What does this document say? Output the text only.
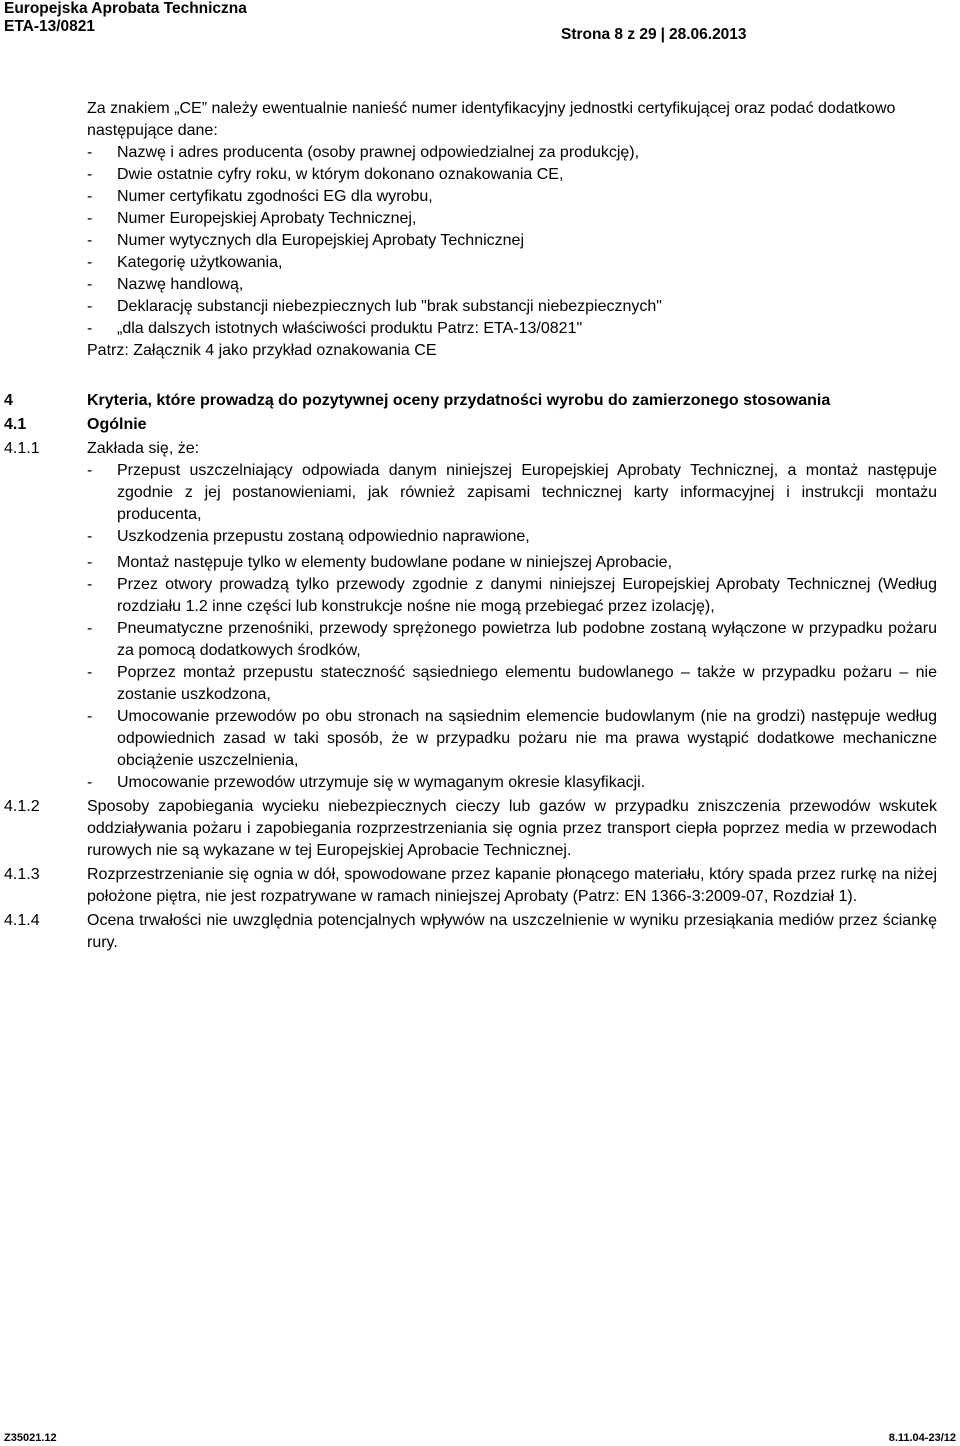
Europejska Aprobata Techniczna
ETA-13/0821	Strona 8 z 29 | 28.06.2013
Za znakiem „CE” należy ewentualnie nanieść numer identyfikacyjny jednostki certyfikującej oraz podać dodatkowo następujące dane:
-	Nazwę i adres producenta (osoby prawnej odpowiedzialnej za produkcję),
-	Dwie ostatnie cyfry roku, w którym dokonano oznakowania CE,
-	Numer certyfikatu zgodności EG dla wyrobu,
-	Numer Europejskiej Aprobaty Technicznej,
-	Numer wytycznych dla Europejskiej Aprobaty Technicznej
-	Kategorię użytkowania,
-	Nazwę handlową,
-	Deklarację substancji niebezpiecznych lub "brak substancji niebezpiecznych"
-	„dla dalszych istotnych właściwości produktu Patrz: ETA-13/0821"
Patrz: Załącznik 4 jako przykład oznakowania CE
4	Kryteria, które prowadzą do pozytywnej oceny przydatności wyrobu do zamierzonego stosowania
4.1	Ogólnie
4.1.1	Zakłada się, że:
-	Przepust uszczelniający odpowiada danym niniejszej Europejskiej Aprobaty Technicznej, a montaż następuje zgodnie z jej postanowieniami, jak również zapisami technicznej karty informacyjnej i instrukcji montażu producenta,
-	Uszkodzenia przepustu zostaną odpowiednio naprawione,
-	Montaż następuje tylko w elementy budowlane podane w niniejszej Aprobacie,
-	Przez otwory prowadzą tylko przewody zgodnie z danymi niniejszej Europejskiej Aprobaty Technicznej (Według rozdziału 1.2 inne części lub konstrukcje nośne nie mogą przebiegać przez izolację),
-	Pneumatyczne przenośniki, przewody sprężonego powietrza lub podobne zostaną wyłączone w przypadku pożaru za pomocą dodatkowych środków,
-	Poprzez montaż przepustu stateczność sąsiedniego elementu budowlanego – także w przypadku pożaru – nie zostanie uszkodzona,
-	Umocowanie przewodów po obu stronach na sąsiednim elemencie budowlanym (nie na grodzi) następuje według odpowiednich zasad w taki sposób, że w przypadku pożaru nie ma prawa wystąpić dodatkowe mechaniczne obciążenie uszczelnienia,
-	Umocowanie przewodów utrzymuje się w wymaganym okresie klasyfikacji.
4.1.2	Sposoby zapobiegania wycieku niebezpiecznych cieczy lub gazów w przypadku zniszczenia przewodów wskutek oddziaływania pożaru i zapobiegania rozprzestrzeniania się ognia przez transport ciepła poprzez media w przewodach rurowych nie są wykazane w tej Europejskiej Aprobacie Technicznej.
4.1.3	Rozprzestrzenianie się ognia w dół, spowodowane przez kapanie płonącego materiału, który spada przez rurkę na niżej położone piętra, nie jest rozpatrywane w ramach niniejszej Aprobaty (Patrz: EN 1366-3:2009-07, Rozdział 1).
4.1.4	Ocena trwałości nie uwzględnia potencjalnych wpływów na uszczelnienie w wyniku przesiąkania mediów przez ściankę rury.
Z35021.12	8.11.04-23/12
